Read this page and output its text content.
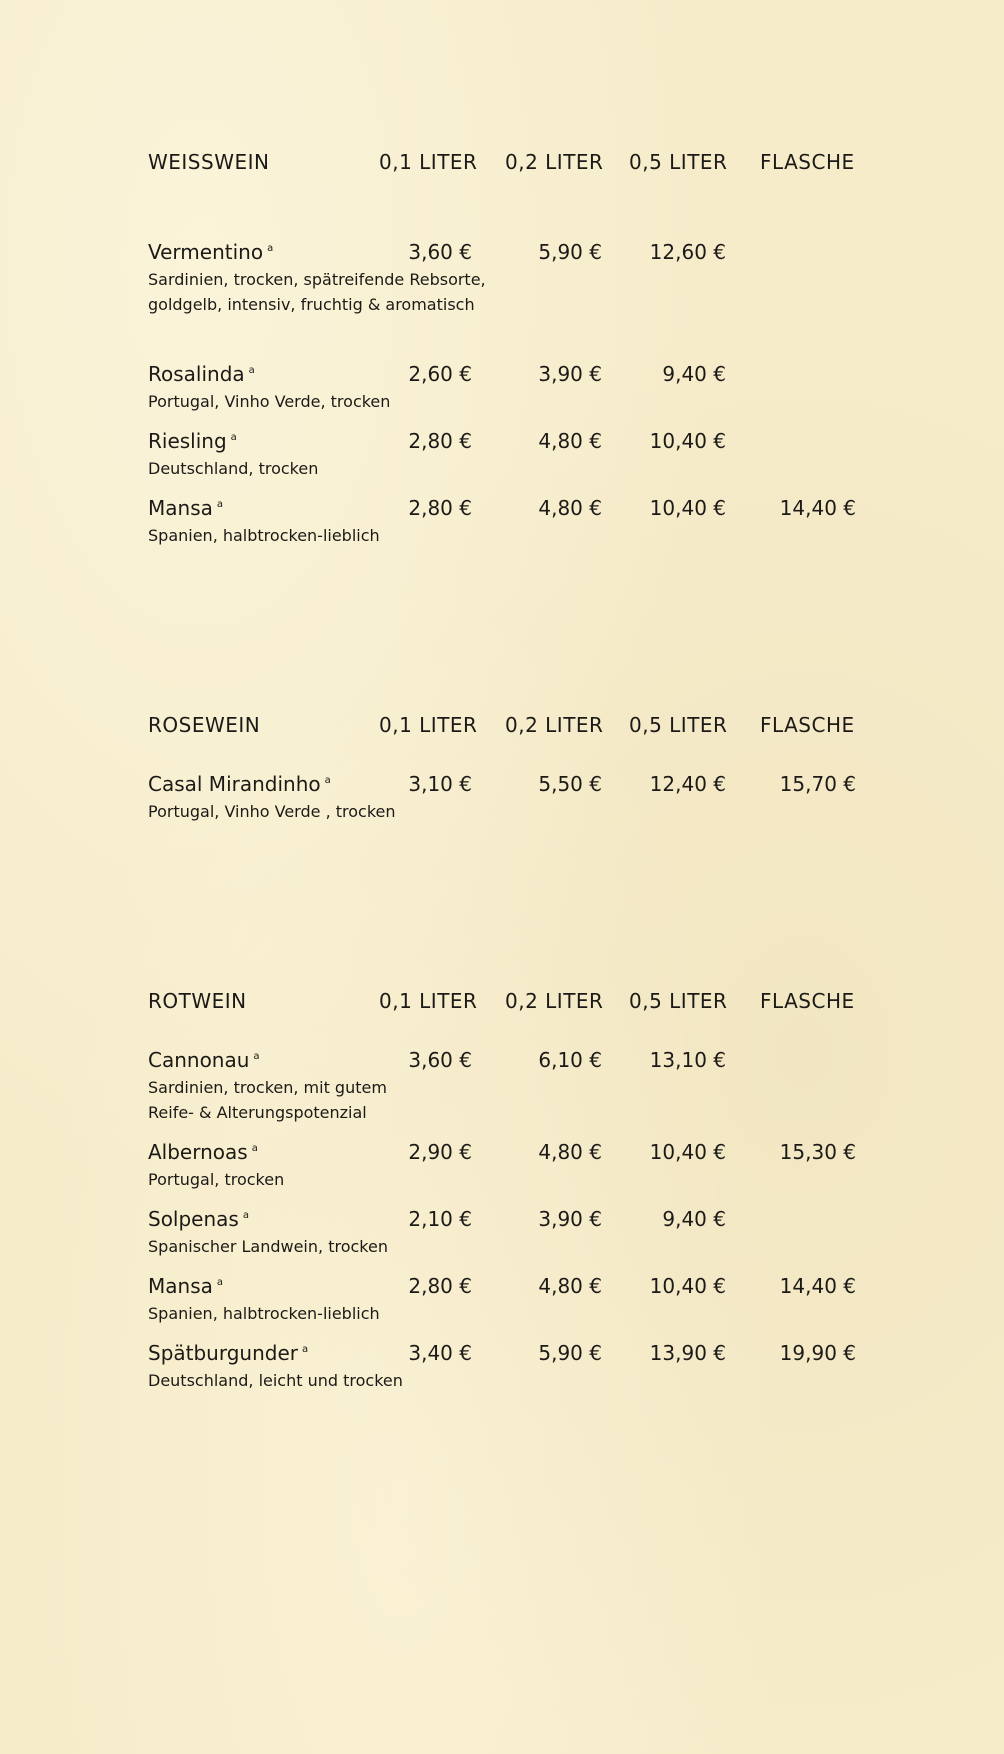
WEISSWEIN	0,1 LITER 0,2 LITER 0,5 LITER FLASCHE
Vermentino $^a$	3,60 €	5,90 €	12,60 €
Sardinien, trocken, spätreifende Rebsorte,
goldgelb, intensiv, fruchtig & aromatisch
Rosalinda $^a$	2,60 €	3,90 €	9,40 €
Portugal, Vinho Verde, trocken
Riesling $^a$	2,80 €	4,80 €	10,40 €
Deutschland, trocken
Mansa $^a$	2,80 €	4,80 €	10,40 €	14,40 €
Spanien, halbtrocken-lieblich
ROSEWEIN	0,1 LITER 0,2 LITER 0,5 LITER FLASCHE
Casal Mirandinho $^a$	3,10 €	5,50 €	12,40 €	15,70 €
Portugal, Vinho Verde , trocken
ROTWEIN	0,1 LITER 0,2 LITER 0,5 LITER FLASCHE
Cannonau $^a$	3,60 €	6,10 €	13,10 €
Sardinien, trocken, mit gutem
Reife- & Alterungspotenzial
Albernoas $^a$	2,90 €	4,80 €	10,40 €	15,30 €
Portugal, trocken
Solpenas $^a$	2,10 €	3,90 €	9,40 €
Spanischer Landwein, trocken
Mansa $^a$	2,80 €	4,80 €	10,40 €	14,40 €
Spanien, halbtrocken-lieblich
Spätburgunder $^a$	3,40 €	5,90 €	13,90 €	19,90 €
Deutschland, leicht und trocken
